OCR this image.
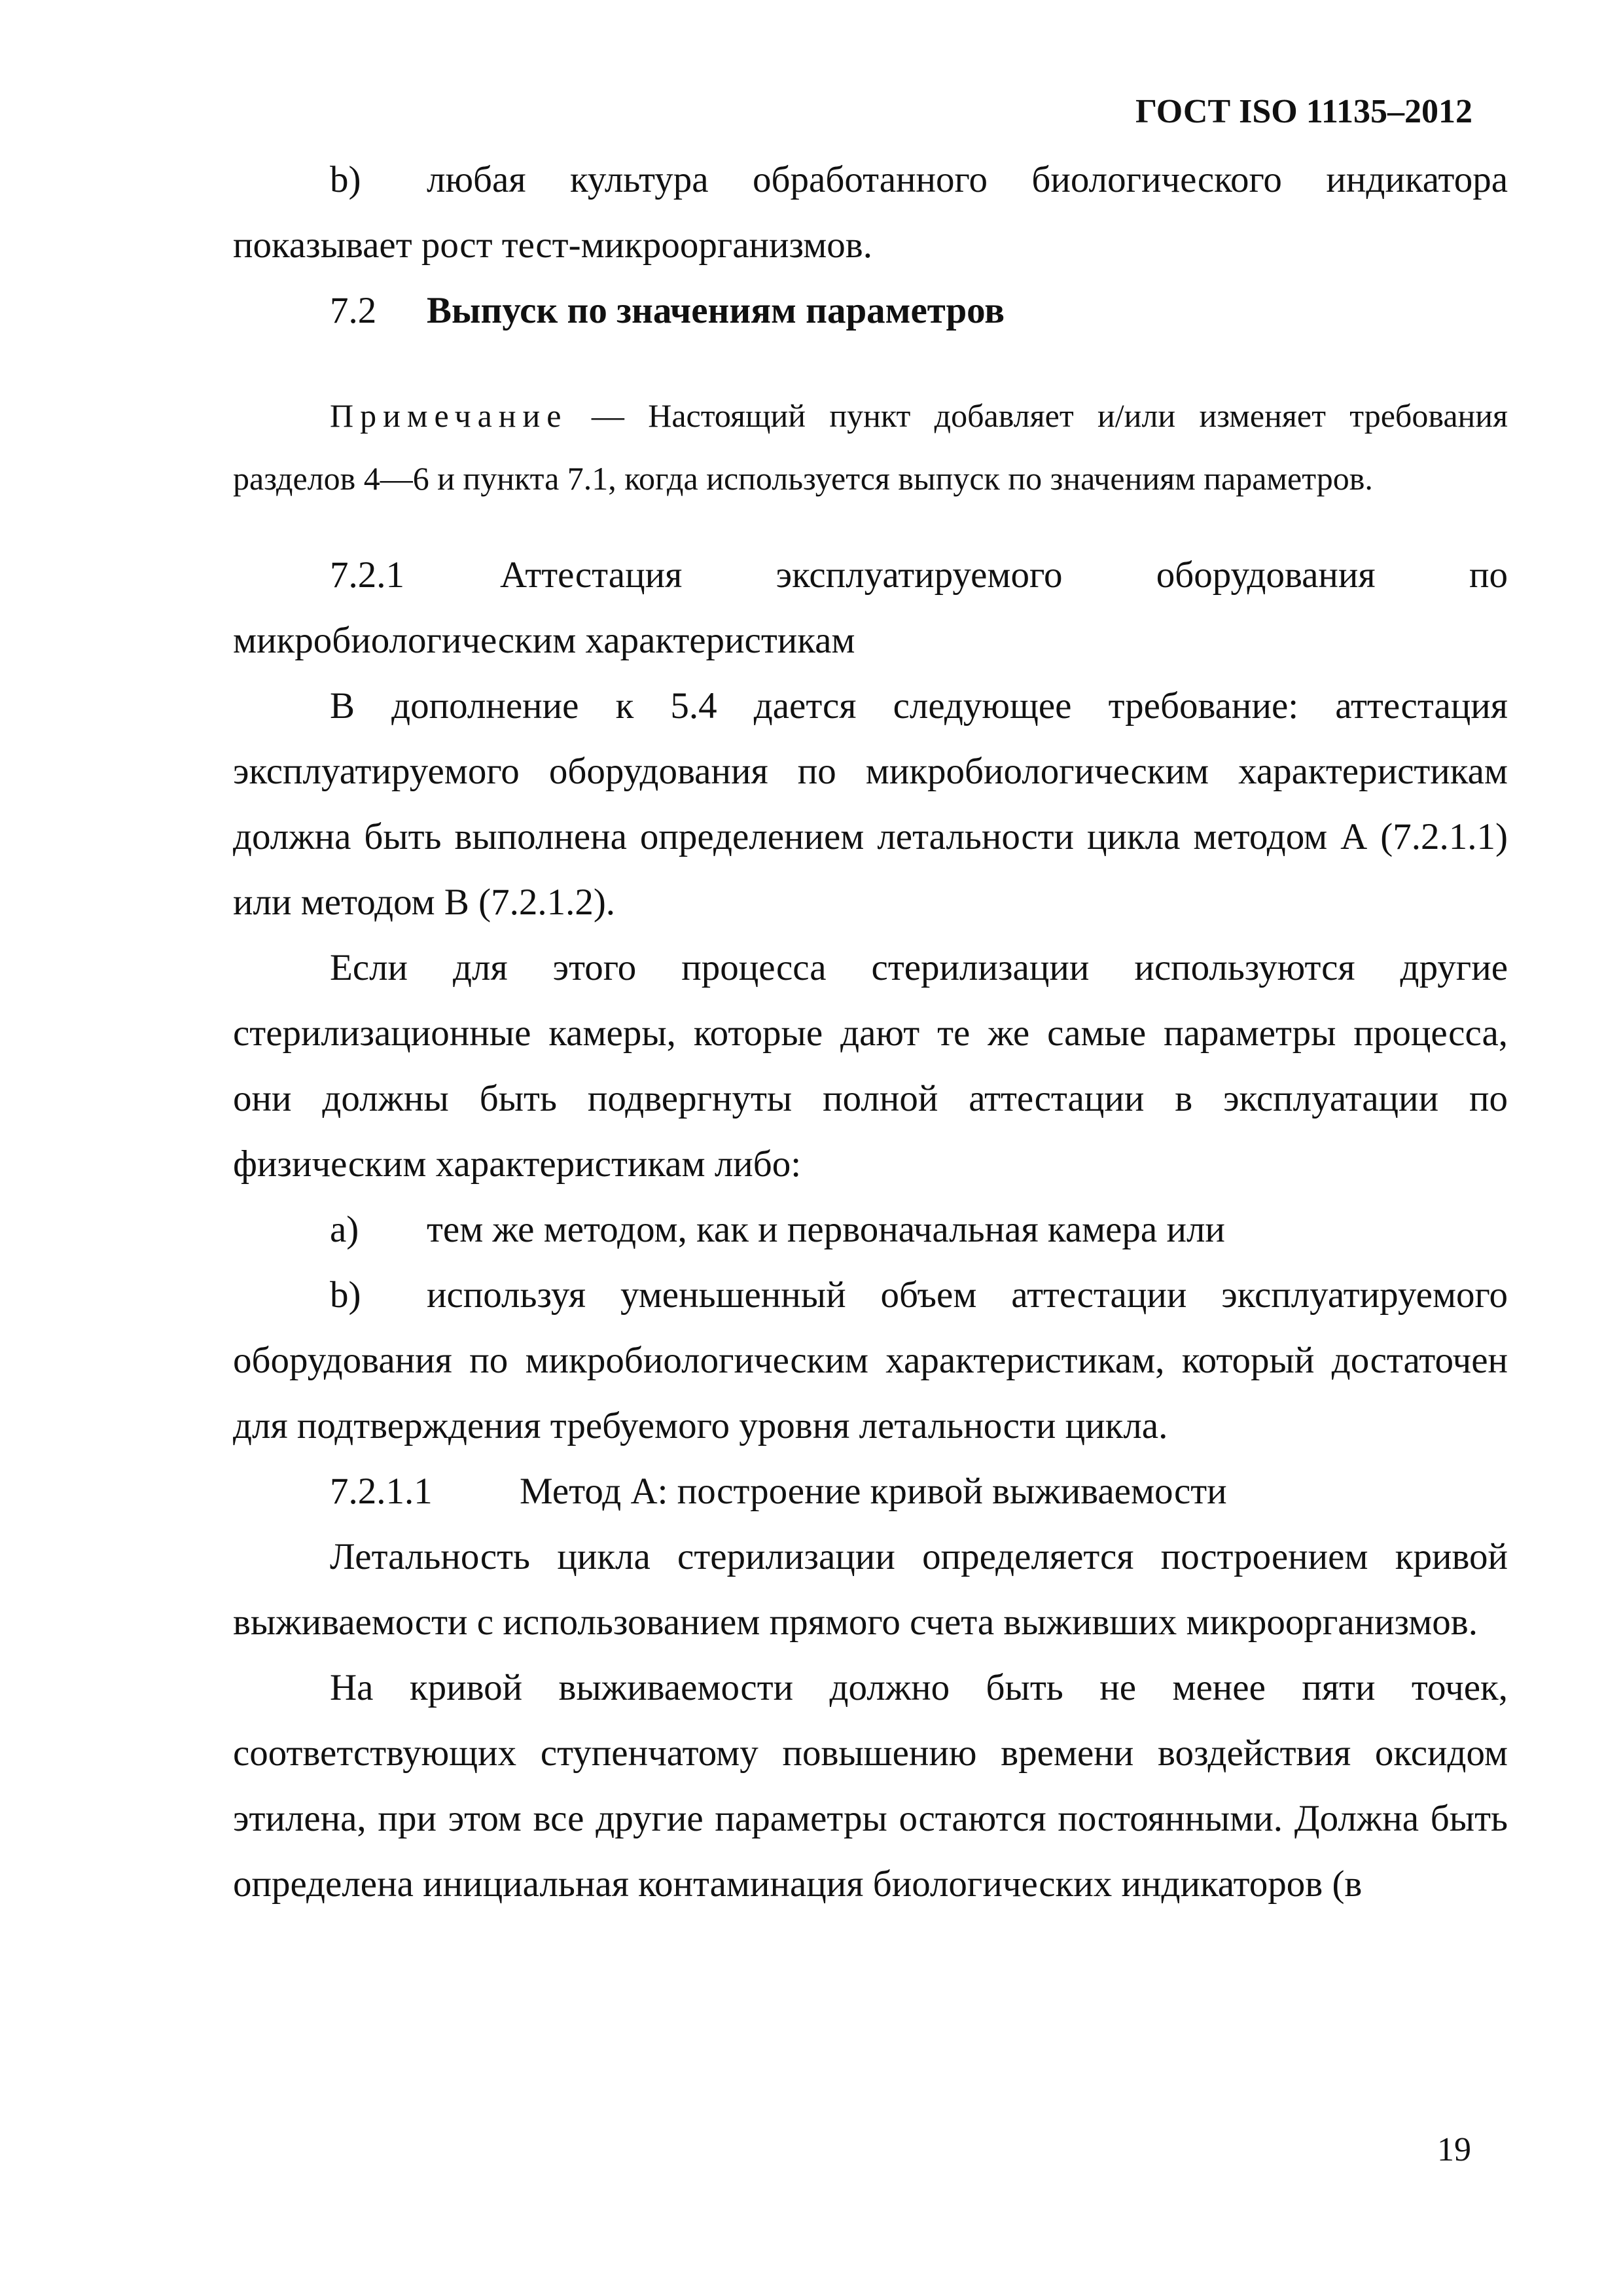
ГОСТ ISO 11135–2012

b) любая культура обработанного биологического индикатора показывает рост тест-микроорганизмов.

7.2 Выпуск по значениям параметров

Примечание — Настоящий пункт добавляет и/или изменяет требования разделов 4—6 и пункта 7.1, когда используется выпуск по значениям параметров.

7.2.1	Аттестация эксплуатируемого оборудования по микробиологическим характеристикам

В дополнение к 5.4 дается следующее требование: аттестация эксплуатируемого оборудования по микробиологическим характеристикам должна быть выполнена определением летальности цикла методом А (7.2.1.1) или методом В (7.2.1.2).

Если для этого процесса стерилизации используются другие стерилизационные камеры, которые дают те же самые параметры процесса, они должны быть подвергнуты полной аттестации в эксплуатации по физическим характеристикам либо:

а) тем же методом, как и первоначальная камера или

b) используя уменьшенный объем аттестации эксплуатируемого оборудования по микробиологическим характеристикам, который достаточен для подтверждения требуемого уровня летальности цикла.

7.2.1.1 Метод А: построение кривой выживаемости

Летальность цикла стерилизации определяется построением кривой выживаемости с использованием прямого счета выживших микроорганизмов.

На кривой выживаемости должно быть не менее пяти точек, соответствующих ступенчатому повышению времени воздействия оксидом этилена, при этом все другие параметры остаются постоянными. Должна быть определена инициальная контаминация биологических индикаторов (в

19
